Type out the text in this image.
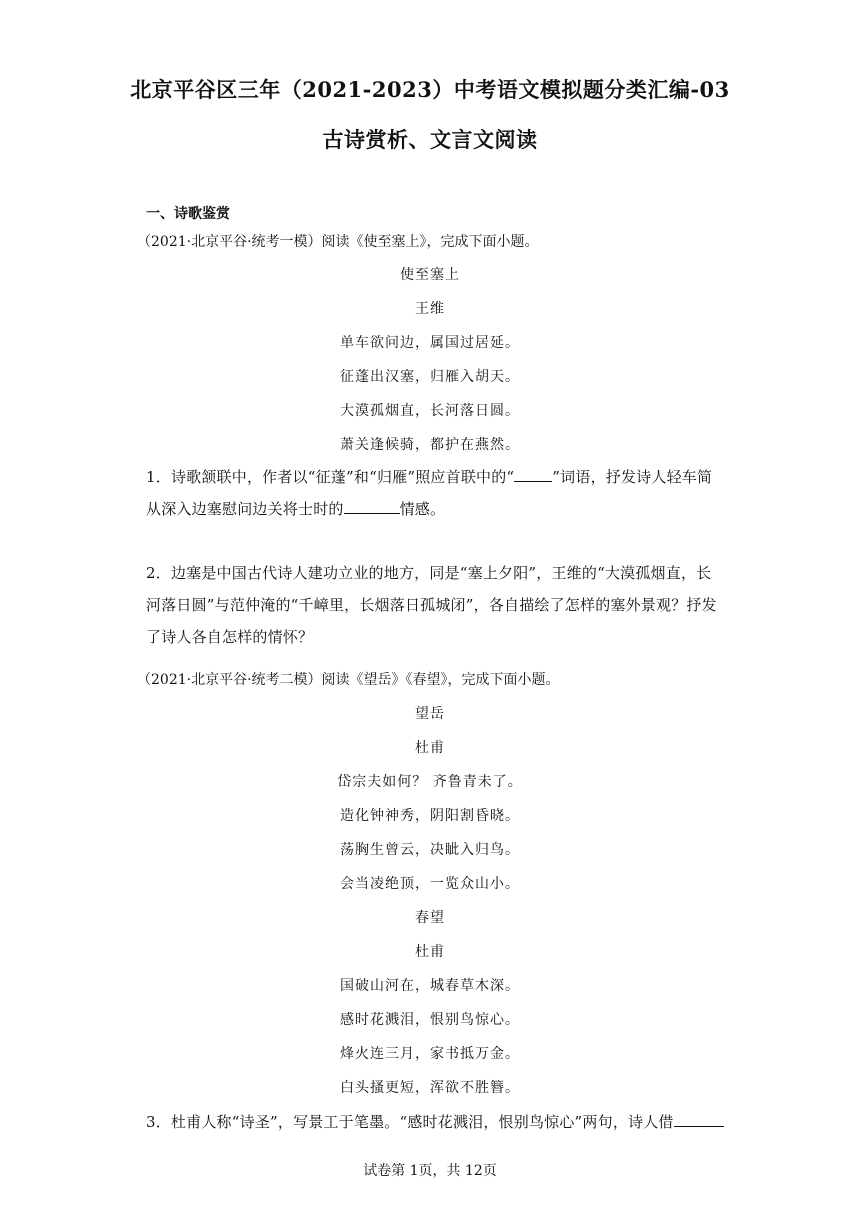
北京平谷区三年（2021-2023）中考语文模拟题分类汇编-03
古诗赏析、文言文阅读
一、诗歌鉴赏
（2021·北京平谷·统考一模）阅读《使至塞上》，完成下面小题。
使至塞上
王维
单车欲问边，属国过居延。
征蓬出汉塞，归雁入胡天。
大漠孤烟直，长河落日圆。
萧关逢候骑，都护在燕然。
1．诗歌颔联中，作者以“征蓬”和“归雁”照应首联中的“	”词语，抒发诗人轻车简从深入边塞慰问边关将士时的	情感。
2．边塞是中国古代诗人建功立业的地方，同是“塞上夕阳”，王维的“大漠孤烟直，长河落日圆”与范仲淹的“千嶂里，长烟落日孤城闭”，各自描绘了怎样的塞外景观？抒发了诗人各自怎样的情怀？
（2021·北京平谷·统考二模）阅读《望岳》《春望》，完成下面小题。
望岳
杜甫
岱宗夫如何？ 齐鲁青未了。
造化钟神秀，阴阳割昏晓。
荡胸生曾云，决眦入归鸟。
会当凌绝顶，一览众山小。
春望
杜甫
国破山河在，城春草木深。
感时花溅泪，恨别鸟惊心。
烽火连三月，家书抵万金。
白头搔更短，浑欲不胜簪。
3．杜甫人称“诗圣”，写景工于笔墨。“感时花溅泪，恨别鸟惊心”两句，诗人借
试卷第 1页，共 12页
